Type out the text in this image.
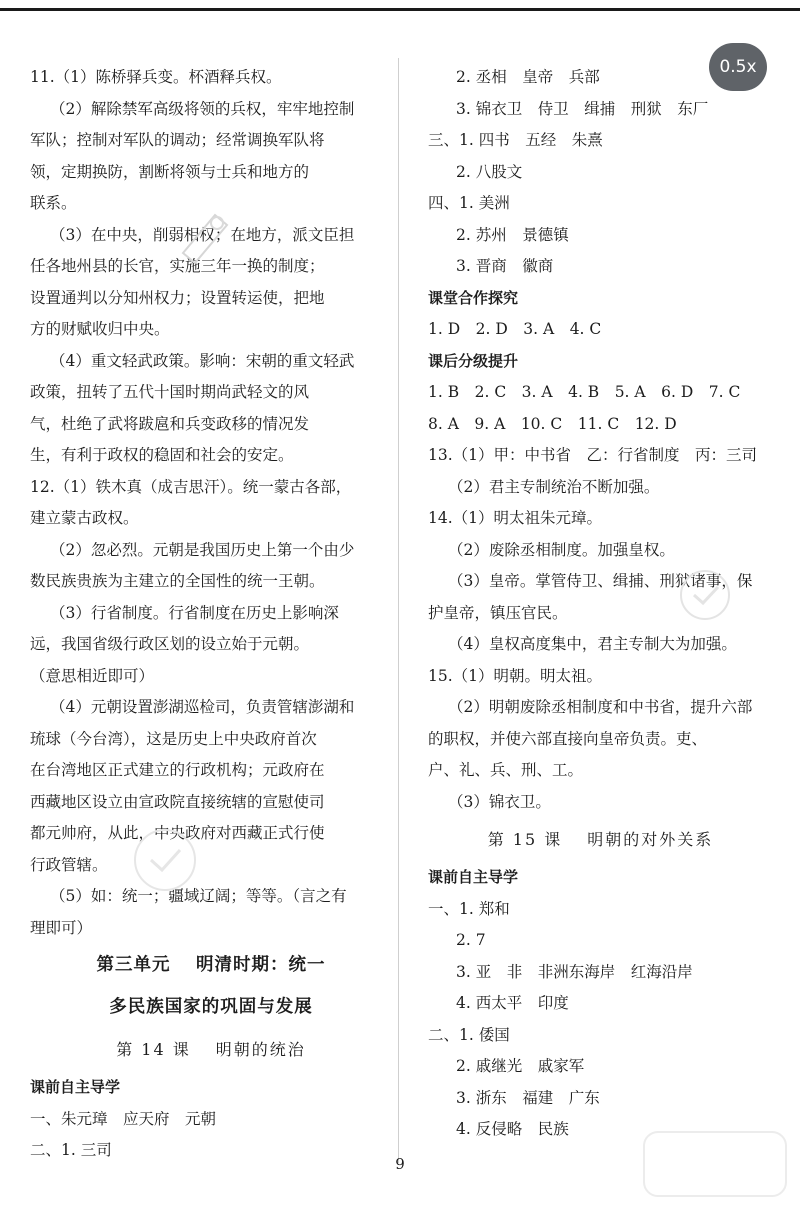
11.（1）陈桥驿兵变。杯酒释兵权。
（2）解除禁军高级将领的兵权，牢牢地控制
军队；控制对军队的调动；经常调换军队将
领，定期换防，割断将领与士兵和地方的
联系。
（3）在中央，削弱相权；在地方，派文臣担
任各地州县的长官，实施三年一换的制度；
设置通判以分知州权力；设置转运使，把地
方的财赋收归中央。
（4）重文轻武政策。影响：宋朝的重文轻武
政策，扭转了五代十国时期尚武轻文的风
气，杜绝了武将跋扈和兵变政移的情况发
生，有利于政权的稳固和社会的安定。
12.（1）铁木真（成吉思汗）。统一蒙古各部，
建立蒙古政权。
（2）忽必烈。元朝是我国历史上第一个由少
数民族贵族为主建立的全国性的统一王朝。
（3）行省制度。行省制度在历史上影响深
远，我国省级行政区划的设立始于元朝。
（意思相近即可）
（4）元朝设置澎湖巡检司，负责管辖澎湖和
琉球（今台湾），这是历史上中央政府首次
在台湾地区正式建立的行政机构；元政府在
西藏地区设立由宣政院直接统辖的宣慰使司
都元帅府，从此，中央政府对西藏正式行使
行政管辖。
（5）如：统一；疆域辽阔；等等。（言之有
理即可）
第三单元　 明清时期：统一
多民族国家的巩固与发展
第 14 课　 明朝的统治
课前自主导学
一、朱元璋　应天府　元朝
二、1. 三司
2. 丞相　皇帝　兵部
3. 锦衣卫　侍卫　缉捕　刑狱　东厂
三、1. 四书　五经　朱熹
2. 八股文
四、1. 美洲
2. 苏州　景德镇
3. 晋商　徽商
课堂合作探究
1. D　2. D　3. A　4. C
课后分级提升
1. B　2. C　3. A　4. B　5. A　6. D　7. C
8. A　9. A　10. C　11. C　12. D
13.（1）甲：中书省　乙：行省制度　丙：三司
（2）君主专制统治不断加强。
14.（1）明太祖朱元璋。
（2）废除丞相制度。加强皇权。
（3）皇帝。掌管侍卫、缉捕、刑狱诸事，保
护皇帝，镇压官民。
（4）皇权高度集中，君主专制大为加强。
15.（1）明朝。明太祖。
（2）明朝废除丞相制度和中书省，提升六部
的职权，并使六部直接向皇帝负责。吏、
户、礼、兵、刑、工。
（3）锦衣卫。
第 15 课　 明朝的对外关系
课前自主导学
一、1. 郑和
2. 7
3. 亚　非　非洲东海岸　红海沿岸
4. 西太平　印度
二、1. 倭国
2. 戚继光　戚家军
3. 浙东　福建　广东
4. 反侵略　民族
0.5x
9
